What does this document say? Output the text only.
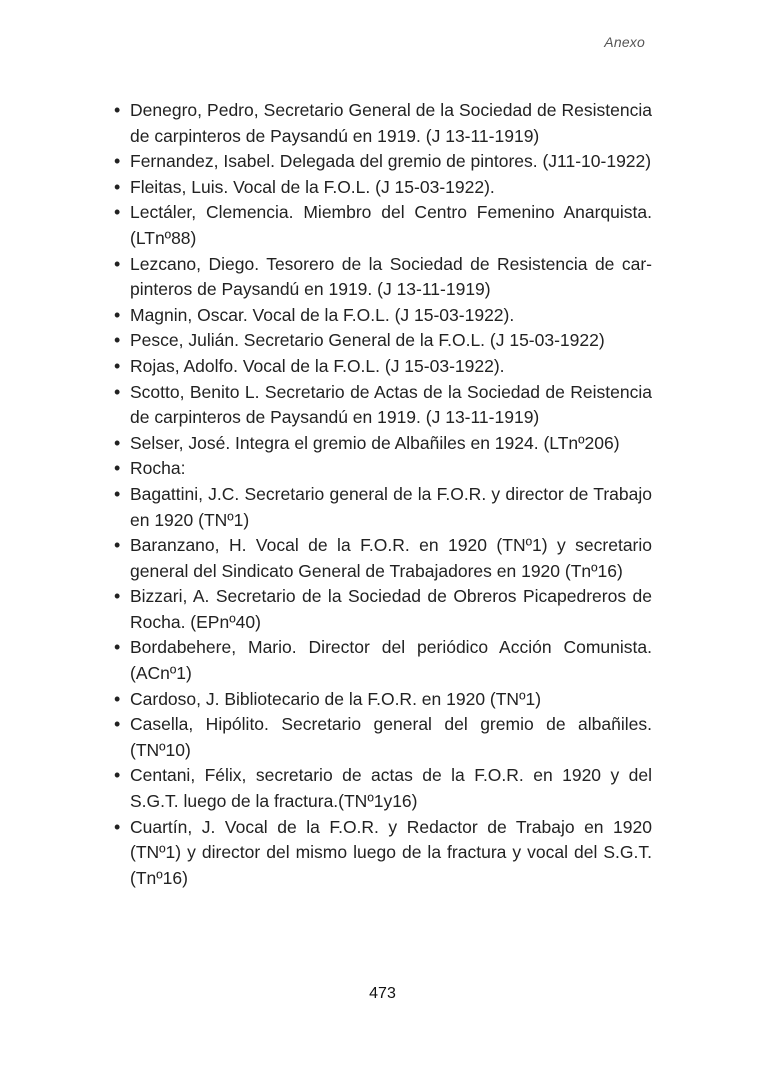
Anexo
• Denegro, Pedro, Secretario General de la Sociedad de Resistencia de carpinteros de Paysandú en 1919. (J 13-11-1919)
• Fernandez, Isabel. Delegada del gremio de pintores. (J11-10-1922)
• Fleitas, Luis. Vocal de la F.O.L. (J 15-03-1922).
• Lectáler, Clemencia. Miembro del Centro Femenino Anarquista. (LTnº88)
• Lezcano, Diego. Tesorero de la Sociedad de Resistencia de carpinteros de Paysandú en 1919. (J 13-11-1919)
• Magnin, Oscar. Vocal de la F.O.L. (J 15-03-1922).
• Pesce, Julián. Secretario General de la F.O.L. (J 15-03-1922)
• Rojas, Adolfo. Vocal de la F.O.L. (J 15-03-1922).
• Scotto, Benito L. Secretario de Actas de la Sociedad de Reistencia de carpinteros de Paysandú en 1919. (J 13-11-1919)
• Selser, José. Integra el gremio de Albañiles en 1924. (LTnº206)
• Rocha:
• Bagattini, J.C. Secretario general de la F.O.R. y director de Trabajo en 1920 (TNº1)
• Baranzano, H. Vocal de la F.O.R. en 1920 (TNº1) y secretario general del Sindicato General de Trabajadores en 1920 (Tnº16)
• Bizzari, A. Secretario de la Sociedad de Obreros Picapedreros de Rocha. (EPnº40)
• Bordabehere, Mario. Director del periódico Acción Comunista. (ACnº1)
• Cardoso, J. Bibliotecario de la F.O.R. en 1920 (TNº1)
• Casella, Hipólito. Secretario general del gremio de albañiles. (TNº10)
• Centani, Félix, secretario de actas de la F.O.R. en 1920 y del S.G.T. luego de la fractura.(TNº1y16)
• Cuartín, J. Vocal de la F.O.R. y Redactor de Trabajo en 1920 (TNº1) y director del mismo luego de la fractura y vocal del S.G.T.(Tnº16)
473
